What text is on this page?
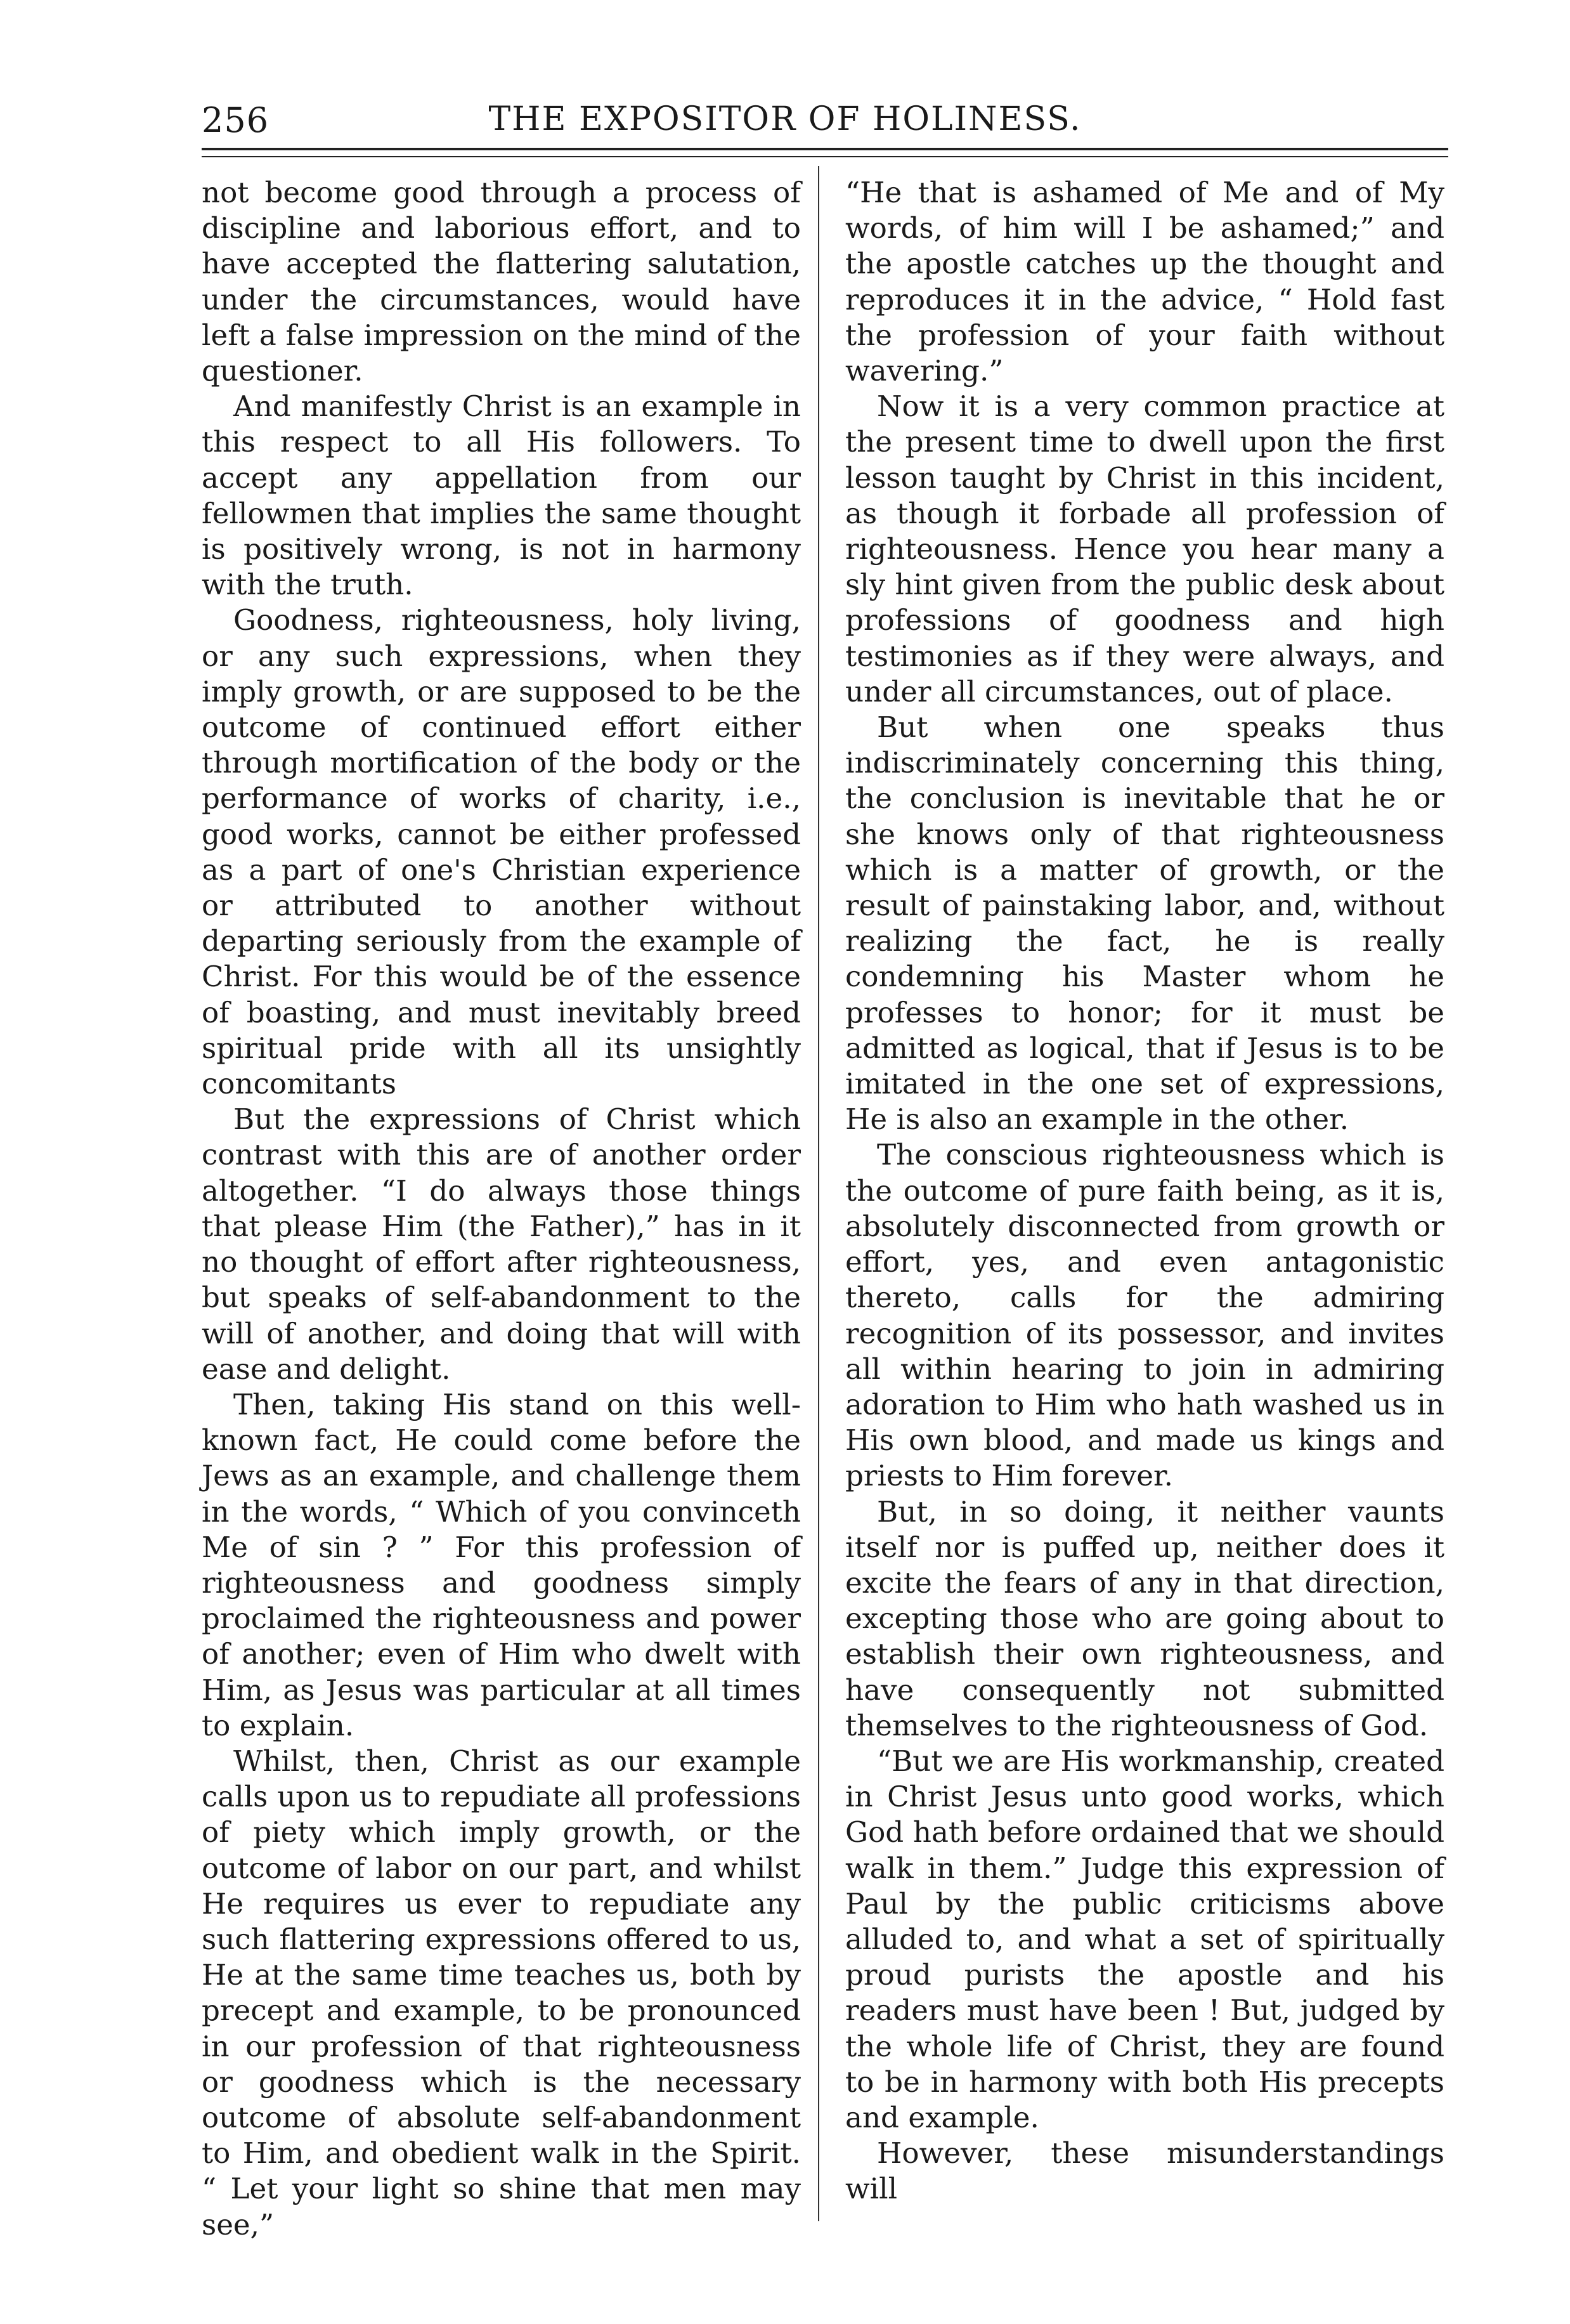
256	THE EXPOSITOR OF HOLINESS.

not become good through a process of discipline and laborious effort, and to have accepted the flattering salutation, under the circumstances, would have left a false impression on the mind of the questioner.

And manifestly Christ is an example in this respect to all His followers. To accept any appellation from our fellowmen that implies the same thought is positively wrong, is not in harmony with the truth.

Goodness, righteousness, holy living, or any such expressions, when they imply growth, or are supposed to be the outcome of continued effort either through mortification of the body or the performance of works of charity, i.e., good works, cannot be either professed as a part of one's Christian experience or attributed to another without departing seriously from the example of Christ. For this would be of the essence of boasting, and must inevitably breed spiritual pride with all its unsightly concomitants

But the expressions of Christ which contrast with this are of another order altogether. “I do always those things that please Him (the Father),” has in it no thought of effort after righteousness, but speaks of self-abandonment to the will of another, and doing that will with ease and delight.

Then, taking His stand on this well-known fact, He could come before the Jews as an example, and challenge them in the words, “ Which of you convinceth Me of sin ? ” For this profession of righteousness and goodness simply proclaimed the righteousness and power of another; even of Him who dwelt with Him, as Jesus was particular at all times to explain.

Whilst, then, Christ as our example calls upon us to repudiate all professions of piety which imply growth, or the outcome of labor on our part, and whilst He requires us ever to repudiate any such flattering expressions offered to us, He at the same time teaches us, both by precept and example, to be pronounced in our profession of that righteousness or goodness which is the necessary outcome of absolute self-abandonment to Him, and obedient walk in the Spirit. “ Let your light so shine that men may see,”

“He that is ashamed of Me and of My words, of him will I be ashamed;” and the apostle catches up the thought and reproduces it in the advice, “ Hold fast the profession of your faith without wavering.”

Now it is a very common practice at the present time to dwell upon the first lesson taught by Christ in this incident, as though it forbade all profession of righteousness. Hence you hear many a sly hint given from the public desk about professions of goodness and high testimonies as if they were always, and under all circumstances, out of place.

But when one speaks thus indiscriminately concerning this thing, the conclusion is inevitable that he or she knows only of that righteousness which is a matter of growth, or the result of painstaking labor, and, without realizing the fact, he is really condemning his Master whom he professes to honor; for it must be admitted as logical, that if Jesus is to be imitated in the one set of expressions, He is also an example in the other.

The conscious righteousness which is the outcome of pure faith being, as it is, absolutely disconnected from growth or effort, yes, and even antagonistic thereto, calls for the admiring recognition of its possessor, and invites all within hearing to join in admiring adoration to Him who hath washed us in His own blood, and made us kings and priests to Him forever.

But, in so doing, it neither vaunts itself nor is puffed up, neither does it excite the fears of any in that direction, excepting those who are going about to establish their own righteousness, and have consequently not submitted themselves to the righteousness of God.

“But we are His workmanship, created in Christ Jesus unto good works, which God hath before ordained that we should walk in them.” Judge this expression of Paul by the public criticisms above alluded to, and what a set of spiritually proud purists the apostle and his readers must have been ! But, judged by the whole life of Christ, they are found to be in harmony with both His precepts and example.

However, these misunderstandings will
